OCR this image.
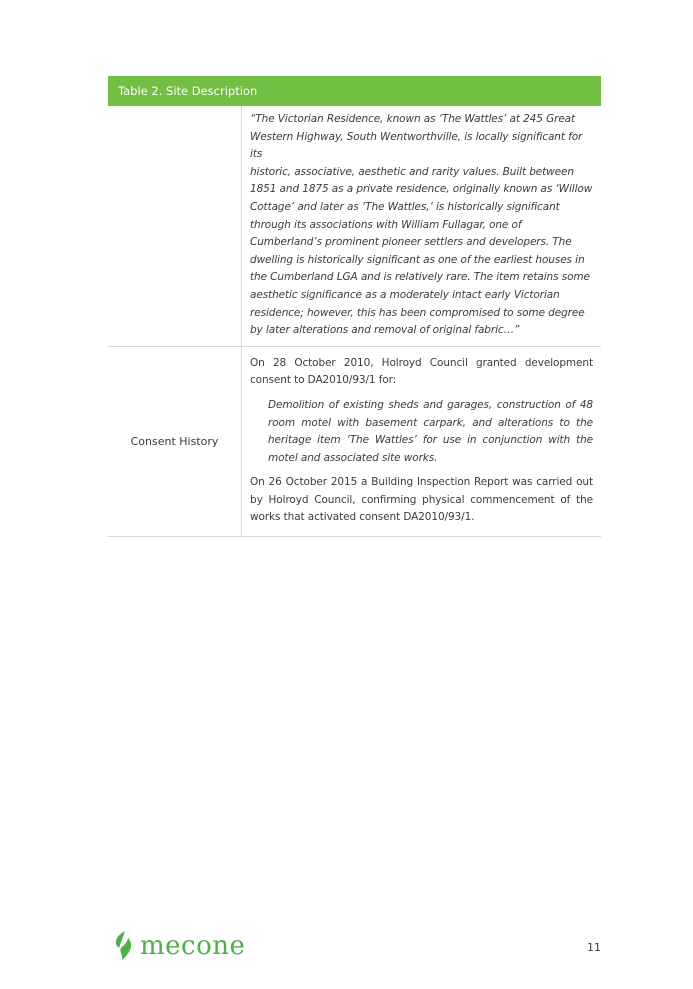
Table 2. Site Description

“The Victorian Residence, known as ‘The Wattles’ at 245 Great
Western Highway, South Wentworthville, is locally significant for its
historic, associative, aesthetic and rarity values. Built between
1851 and 1875 as a private residence, originally known as ‘Willow
Cottage’ and later as ‘The Wattles,’ is historically significant
through its associations with William Fullagar, one of
Cumberland’s prominent pioneer settlers and developers. The
dwelling is historically significant as one of the earliest houses in
the Cumberland LGA and is relatively rare. The item retains some
aesthetic significance as a moderately intact early Victorian
residence; however, this has been compromised to some degree
by later alterations and removal of original fabric…”

Consent History

On 28 October 2010, Holroyd Council granted development consent to DA2010/93/1 for:

Demolition of existing sheds and garages, construction of 48 room motel with basement carpark, and alterations to the heritage item ‘The Wattles’ for use in conjunction with the motel and associated site works.

On 26 October 2015 a Building Inspection Report was carried out by Holroyd Council, confirming physical commencement of the works that activated consent DA2010/93/1.

mecone	11
